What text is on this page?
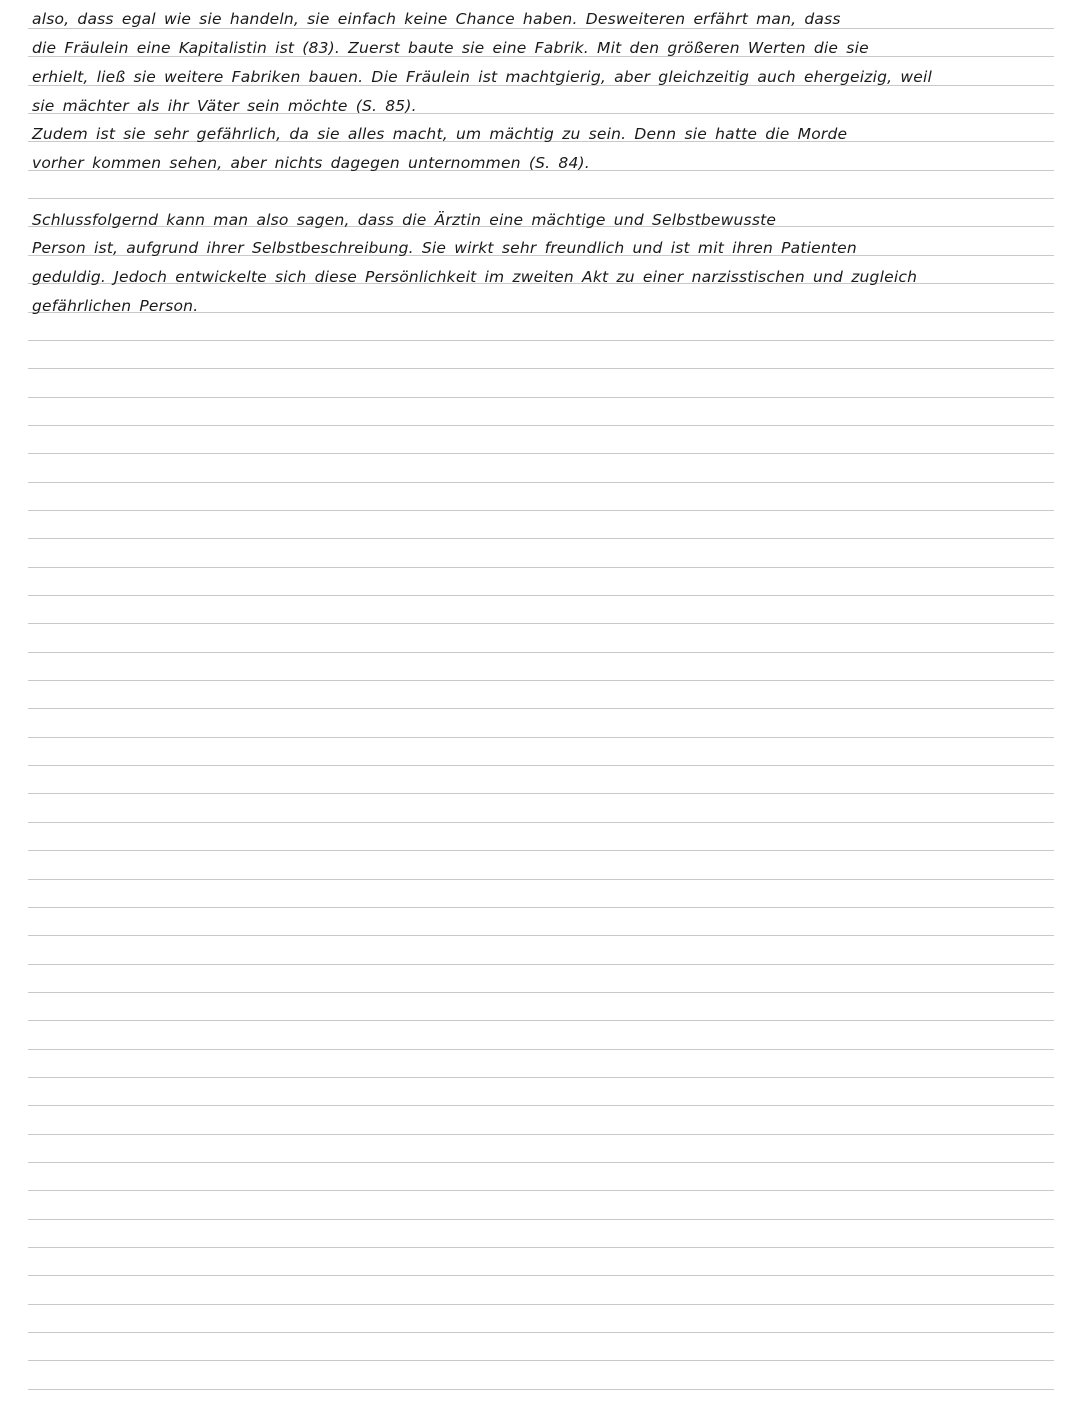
also, dass egal wie sie handeln, sie einfach keine Chance haben. Desweiteren erfährt man, dass
die Fräulein eine Kapitalistin ist (83). Zuerst baute sie eine Fabrik. Mit den größeren Werten die sie
erhielt, ließ sie weitere Fabriken bauen. Die Fräulein ist machtgierig, aber gleichzeitig auch ehergeizig, weil
sie mächter als ihr Väter sein möchte (S. 85).
Zudem ist sie sehr gefährlich, da sie alles macht, um mächtig zu sein. Denn sie hatte die Morde
vorher kommen sehen, aber nichts dagegen unternommen (S. 84).
Schlussfolgernd kann man also sagen, dass die Ärztin eine mächtige und Selbstbewusste
Person ist, aufgrund ihrer Selbstbeschreibung. Sie wirkt sehr freundlich und ist mit ihren Patienten
geduldig. Jedoch entwickelte sich diese Persönlichkeit im zweiten Akt zu einer narzisstischen und zugleich
gefährlichen Person.
